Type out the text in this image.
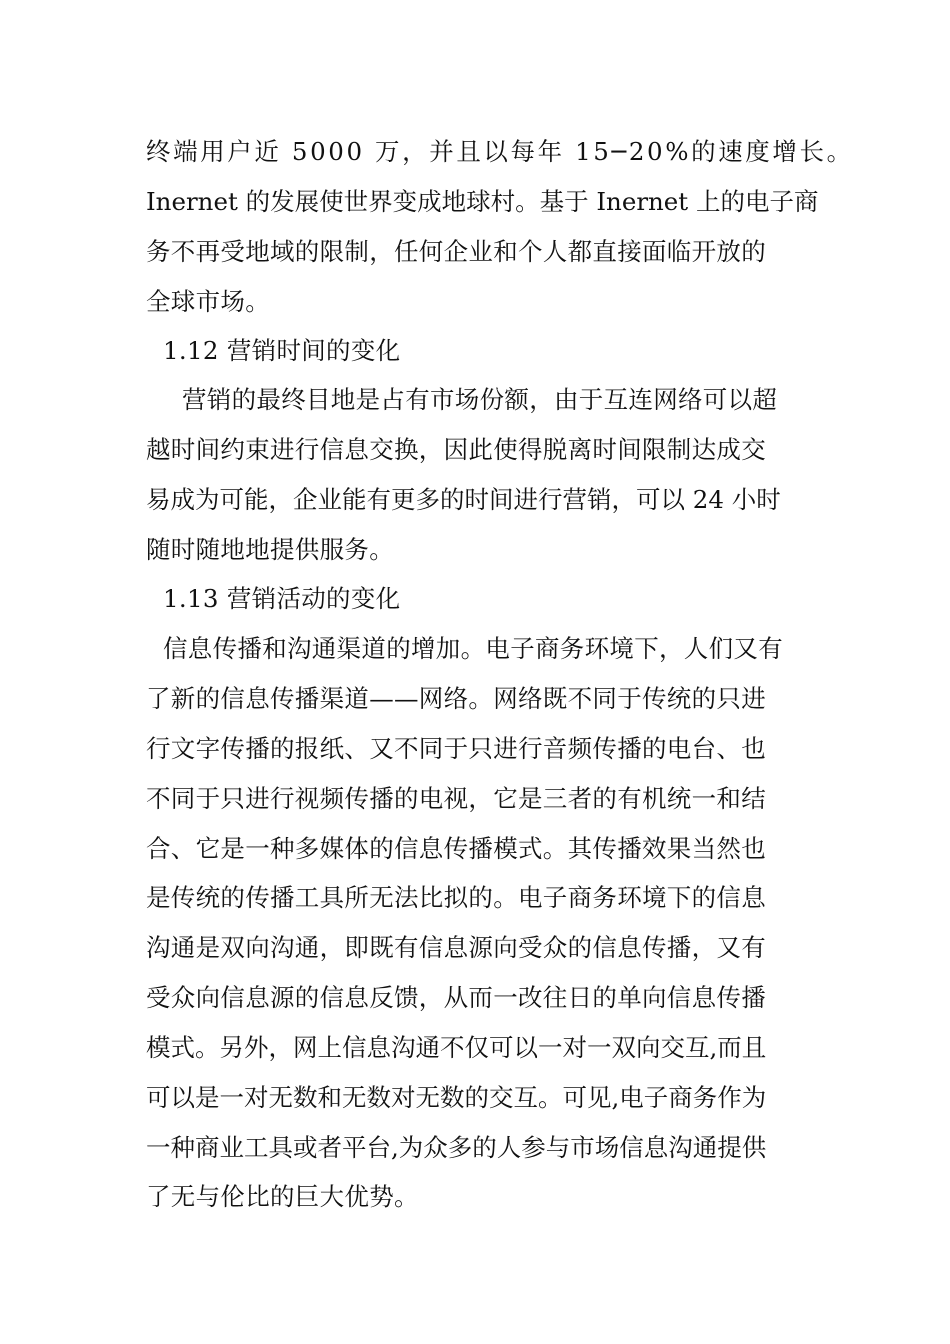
终端用户近 5000 万，并且以每年 15─20%的速度增长。
Inernet 的发展使世界变成地球村。基于 Inernet 上的电子商
务不再受地域的限制，任何企业和个人都直接面临开放的
全球市场。
1.12 营销时间的变化
营销的最终目地是占有市场份额，由于互连网络可以超
越时间约束进行信息交换，因此使得脱离时间限制达成交
易成为可能，企业能有更多的时间进行营销，可以 24 小时
随时随地地提供服务。
1.13 营销活动的变化
信息传播和沟通渠道的增加。电子商务环境下，人们又有
了新的信息传播渠道——网络。网络既不同于传统的只进
行文字传播的报纸、又不同于只进行音频传播的电台、也
不同于只进行视频传播的电视，它是三者的有机统一和结
合、它是一种多媒体的信息传播模式。其传播效果当然也
是传统的传播工具所无法比拟的。电子商务环境下的信息
沟通是双向沟通，即既有信息源向受众的信息传播，又有
受众向信息源的信息反馈，从而一改往日的单向信息传播
模式。另外，网上信息沟通不仅可以一对一双向交互,而且
可以是一对无数和无数对无数的交互。可见,电子商务作为
一种商业工具或者平台,为众多的人参与市场信息沟通提供
了无与伦比的巨大优势。
